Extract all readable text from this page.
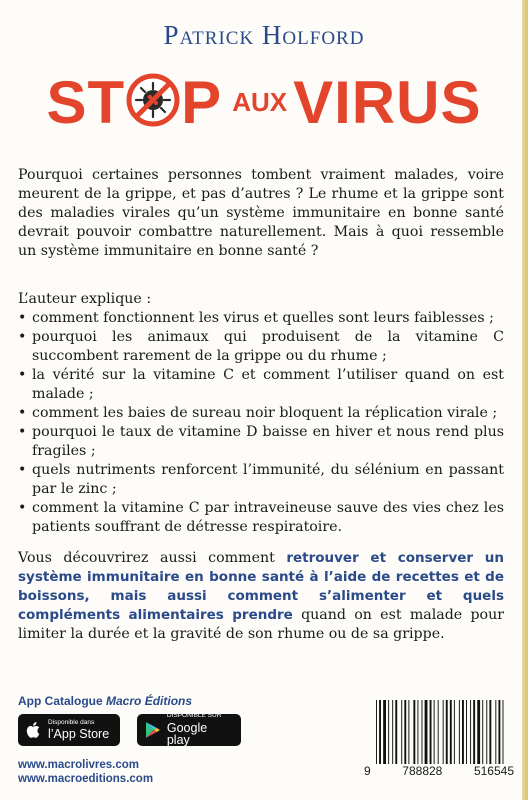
Patrick Holford
ST P AUX VIRUS
Pourquoi certaines personnes tombent vraiment malades, voire meurent de la grippe, et pas d’autres ? Le rhume et la grippe sont des maladies virales qu’un système immunitaire en bonne santé devrait pouvoir combattre naturellement. Mais à quoi ressemble un système immunitaire en bonne santé ?
L’auteur explique :
• comment fonctionnent les virus et quelles sont leurs faiblesses ;
• pourquoi les animaux qui produisent de la vitamine C succombent rarement de la grippe ou du rhume ;
• la vérité sur la vitamine C et comment l’utiliser quand on est malade ;
• comment les baies de sureau noir bloquent la réplication virale ;
• pourquoi le taux de vitamine D baisse en hiver et nous rend plus fragiles ;
• quels nutriments renforcent l’immunité, du sélénium en passant par le zinc ;
• comment la vitamine C par intraveineuse sauve des vies chez les patients souffrant de détresse respiratoire.
Vous découvrirez aussi comment retrouver et conserver un système immunitaire en bonne santé à l’aide de recettes et de boissons, mais aussi comment s’alimenter et quels compléments alimentaires prendre quand on est malade pour limiter la durée et la gravité de son rhume ou de sa grippe.
App Catalogue Macro Éditions
Disponible dans
l’App Store
DISPONIBLE SUR
Google play
www.macrolivres.com
www.macroeditions.com
9	788828	516545
